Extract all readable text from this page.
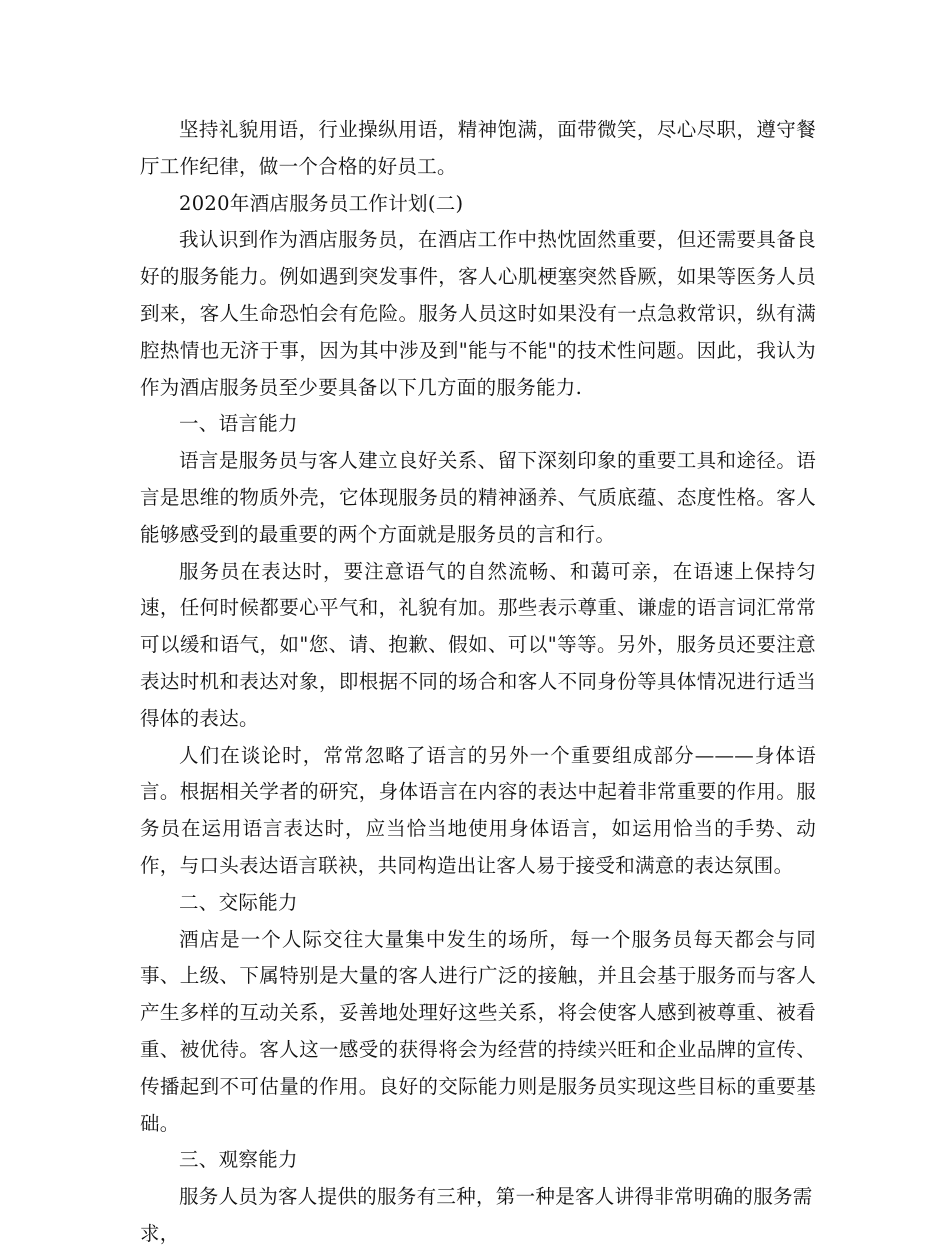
坚持礼貌用语，行业操纵用语，精神饱满，面带微笑，尽心尽职，遵守餐厅工作纪律，做一个合格的好员工。

2020年酒店服务员工作计划(二)

我认识到作为酒店服务员，在酒店工作中热忱固然重要，但还需要具备良好的服务能力。例如遇到突发事件，客人心肌梗塞突然昏厥，如果等医务人员到来，客人生命恐怕会有危险。服务人员这时如果没有一点急救常识，纵有满腔热情也无济于事，因为其中涉及到"能与不能"的技术性问题。因此，我认为作为酒店服务员至少要具备以下几方面的服务能力.

一、语言能力

语言是服务员与客人建立良好关系、留下深刻印象的重要工具和途径。语言是思维的物质外壳，它体现服务员的精神涵养、气质底蕴、态度性格。客人能够感受到的最重要的两个方面就是服务员的言和行。

服务员在表达时，要注意语气的自然流畅、和蔼可亲，在语速上保持匀速，任何时候都要心平气和，礼貌有加。那些表示尊重、谦虚的语言词汇常常可以缓和语气，如"您、请、抱歉、假如、可以"等等。另外，服务员还要注意表达时机和表达对象，即根据不同的场合和客人不同身份等具体情况进行适当得体的表达。

人们在谈论时，常常忽略了语言的另外一个重要组成部分———身体语言。根据相关学者的研究，身体语言在内容的表达中起着非常重要的作用。服务员在运用语言表达时，应当恰当地使用身体语言，如运用恰当的手势、动作，与口头表达语言联袂，共同构造出让客人易于接受和满意的表达氛围。

二、交际能力

酒店是一个人际交往大量集中发生的场所，每一个服务员每天都会与同事、上级、下属特别是大量的客人进行广泛的接触，并且会基于服务而与客人产生多样的互动关系，妥善地处理好这些关系，将会使客人感到被尊重、被看重、被优待。客人这一感受的获得将会为经营的持续兴旺和企业品牌的宣传、传播起到不可估量的作用。良好的交际能力则是服务员实现这些目标的重要基础。

三、观察能力

服务人员为客人提供的服务有三种，第一种是客人讲得非常明确的服务需求，
